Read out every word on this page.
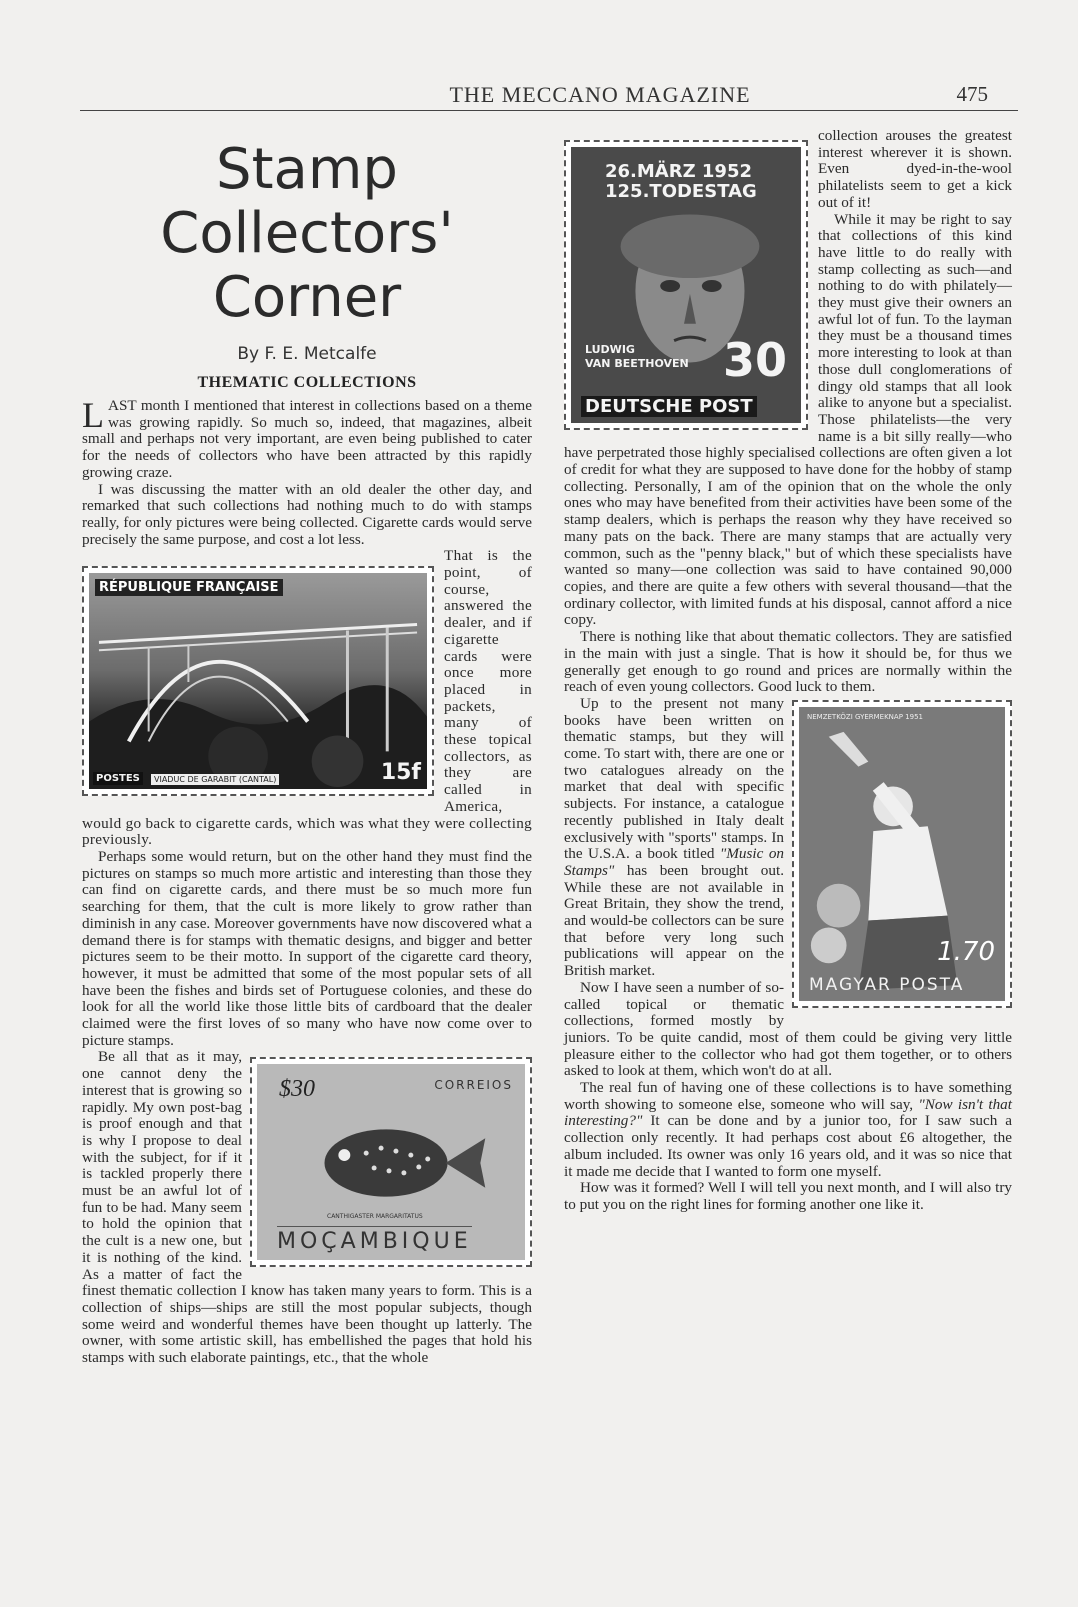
THE MECCANO MAGAZINE	475
Stamp Collectors'
Corner
By F. E. Metcalfe
THEMATIC COLLECTIONS

LAST month I mentioned that interest in collections based on a theme was growing rapidly. So much so, indeed, that magazines, albeit small and perhaps not very important, are even being published to cater for the needs of collectors who have been attracted by this rapidly growing craze.

I was discussing the matter with an old dealer the other day, and remarked that such collections had nothing much to do with stamps really, for only pictures were being collected. Cigarette cards would serve precisely the same purpose, and cost a lot less.

RÉPUBLIQUE FRANÇAISE
POSTES	VIADUC DE GARABIT (CANTAL)	15f

That is the point, of course, answered the dealer, and if cigarette cards were once more placed in packets, many of these topical collectors, as they are called in America, would go back to cigarette cards, which was what they were collecting previously.

Perhaps some would return, but on the other hand they must find the pictures on stamps so much more artistic and interesting than those they can find on cigarette cards, and there must be so much more fun searching for them, that the cult is more likely to grow rather than diminish in any case. Moreover governments have now discovered what a demand there is for stamps with thematic designs, and bigger and better pictures seem to be their motto. In support of the cigarette card theory, however, it must be admitted that some of the most popular sets of all have been the fishes and birds set of Portuguese colonies, and these do look for all the world like those little bits of cardboard that the dealer claimed were the first loves of so many who have now come over to picture stamps.

$30	CORREIOS
CANTHIGASTER MARGARITATUS
MOÇAMBIQUE

Be all that as it may, one cannot deny the interest that is growing so rapidly. My own post-bag is proof enough and that is why I propose to deal with the subject, for if it is tackled properly there must be an awful lot of fun to be had. Many seem to hold the opinion that the cult is a new one, but it is nothing of the kind. As a matter of fact the finest thematic collection I know has taken many years to form. This is a collection of ships—ships are still the most popular subjects, though some weird and wonderful themes have been thought up latterly. The owner, with some artistic skill, has embellished the pages that hold his stamps with such elaborate paintings, etc., that the whole

26.MÄRZ 1952
125.TODESTAG
LUDWIG
VAN BEETHOVEN 30
DEUTSCHE POST

collection arouses the greatest interest wherever it is shown. Even dyed-in-the-wool philatelists seem to get a kick out of it!

While it may be right to say that collections of this kind have little to do really with stamp collecting as such—and nothing to do with philately—they must give their owners an awful lot of fun. To the layman they must be a thousand times more interesting to look at than those dull conglomerations of dingy old stamps that all look alike to anyone but a specialist. Those philatelists—the very name is a bit silly really—who have perpetrated those highly specialised collections are often given a lot of credit for what they are supposed to have done for the hobby of stamp collecting. Personally, I am of the opinion that on the whole the only ones who may have benefited from their activities have been some of the stamp dealers, which is perhaps the reason why they have received so many pats on the back. There are many stamps that are actually very common, such as the "penny black," but of which these specialists have wanted so many—one collection was said to have contained 90,000 copies, and there are quite a few others with several thousand—that the ordinary collector, with limited funds at his disposal, cannot afford a nice copy.

There is nothing like that about thematic collectors. They are satisfied in the main with just a single. That is how it should be, for thus we generally get enough to go round and prices are normally within the reach of even young collectors. Good luck to them.

NEMZETKÖZI GYERMEKNAP 1951
1.70
MAGYAR POSTA

Up to the present not many books have been written on thematic stamps, but they will come. To start with, there are one or two catalogues already on the market that deal with specific subjects. For instance, a catalogue recently published in Italy dealt exclusively with "sports" stamps. In the U.S.A. a book titled "Music on Stamps" has been brought out. While these are not available in Great Britain, they show the trend, and would-be collectors can be sure that before very long such publications will appear on the British market.

Now I have seen a number of so-called topical or thematic collections, formed mostly by juniors. To be quite candid, most of them could be giving very little pleasure either to the collector who had got them together, or to others asked to look at them, which won't do at all.

The real fun of having one of these collections is to have something worth showing to someone else, someone who will say, "Now isn't that interesting?" It can be done and by a junior too, for I saw such a collection only recently. It had perhaps cost about £6 altogether, the album included. Its owner was only 16 years old, and it was so nice that it made me decide that I wanted to form one myself.

How was it formed? Well I will tell you next month, and I will also try to put you on the right lines for forming another one like it.
